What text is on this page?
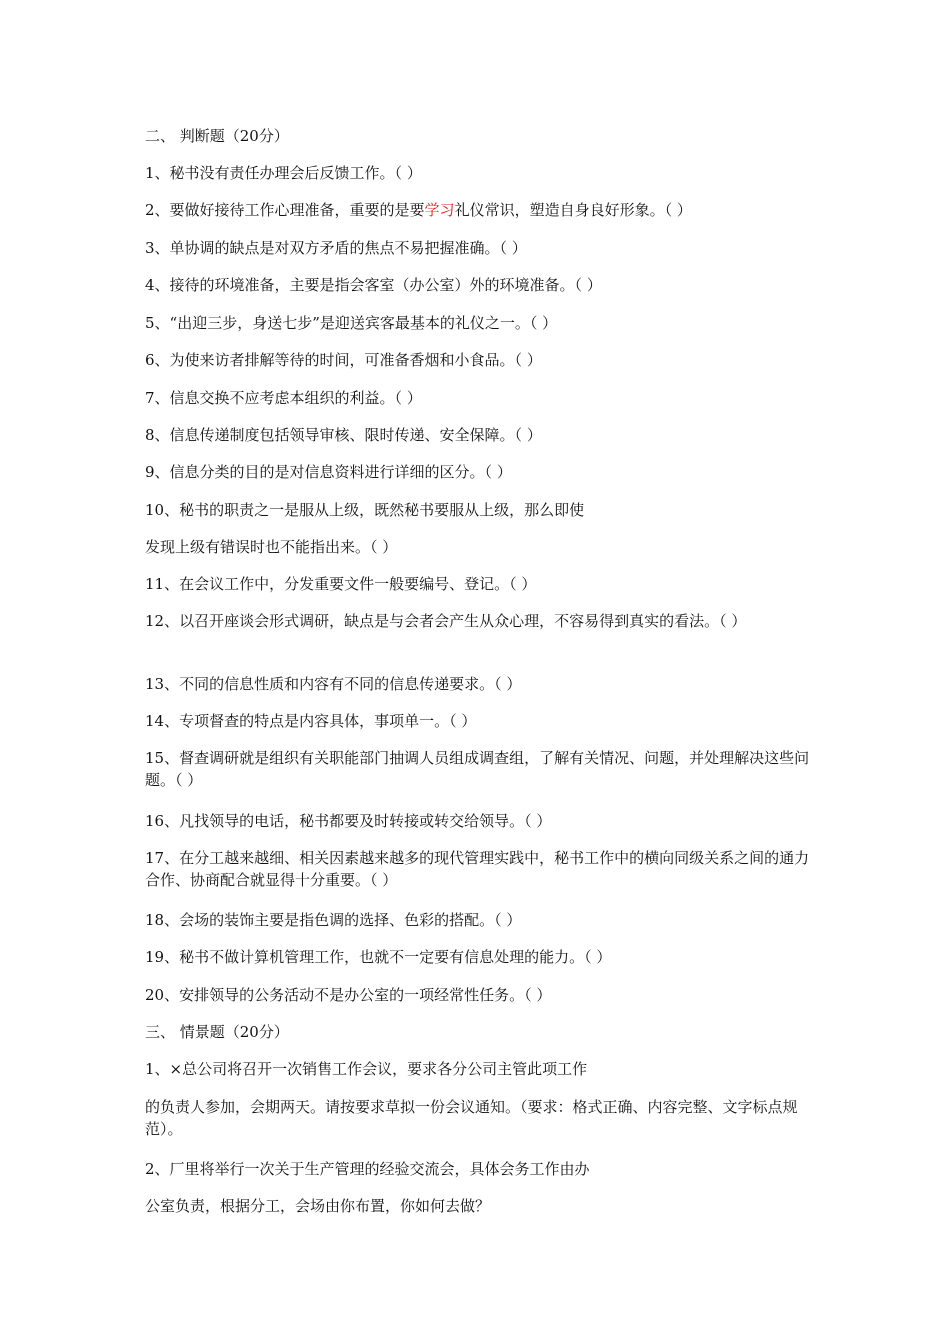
二、 判断题（20分）
1、秘书没有责任办理会后反馈工作。（ ）
2、要做好接待工作心理准备，重要的是要学习礼仪常识，塑造自身良好形象。（ ）
3、单协调的缺点是对双方矛盾的焦点不易把握准确。（ ）
4、接待的环境准备，主要是指会客室（办公室）外的环境准备。（ ）
5、“出迎三步，身送七步”是迎送宾客最基本的礼仪之一。（ ）
6、为使来访者排解等待的时间，可准备香烟和小食品。（ ）
7、信息交换不应考虑本组织的利益。（ ）
8、信息传递制度包括领导审核、限时传递、安全保障。（ ）
9、信息分类的目的是对信息资料进行详细的区分。（ ）
10、秘书的职责之一是服从上级，既然秘书要服从上级，那么即使
发现上级有错误时也不能指出来。（ ）
11、在会议工作中，分发重要文件一般要编号、登记。（ ）
12、以召开座谈会形式调研，缺点是与会者会产生从众心理，不容易得到真实的看法。（ ）
13、不同的信息性质和内容有不同的信息传递要求。（ ）
14、专项督查的特点是内容具体，事项单一。（ ）
15、督查调研就是组织有关职能部门抽调人员组成调查组，了解有关情况、问题，并处理解决这些问题。（ ）
16、凡找领导的电话，秘书都要及时转接或转交给领导。（ ）
17、在分工越来越细、相关因素越来越多的现代管理实践中，秘书工作中的横向同级关系之间的通力合作、协商配合就显得十分重要。（ ）
18、会场的装饰主要是指色调的选择、色彩的搭配。（ ）
19、秘书不做计算机管理工作，也就不一定要有信息处理的能力。（ ）
20、安排领导的公务活动不是办公室的一项经常性任务。（ ）
三、 情景题（20分）
1、×总公司将召开一次销售工作会议，要求各分公司主管此项工作
的负责人参加，会期两天。请按要求草拟一份会议通知。（要求：格式正确、内容完整、文字标点规范）。
2、厂里将举行一次关于生产管理的经验交流会，具体会务工作由办
公室负责，根据分工，会场由你布置，你如何去做？
